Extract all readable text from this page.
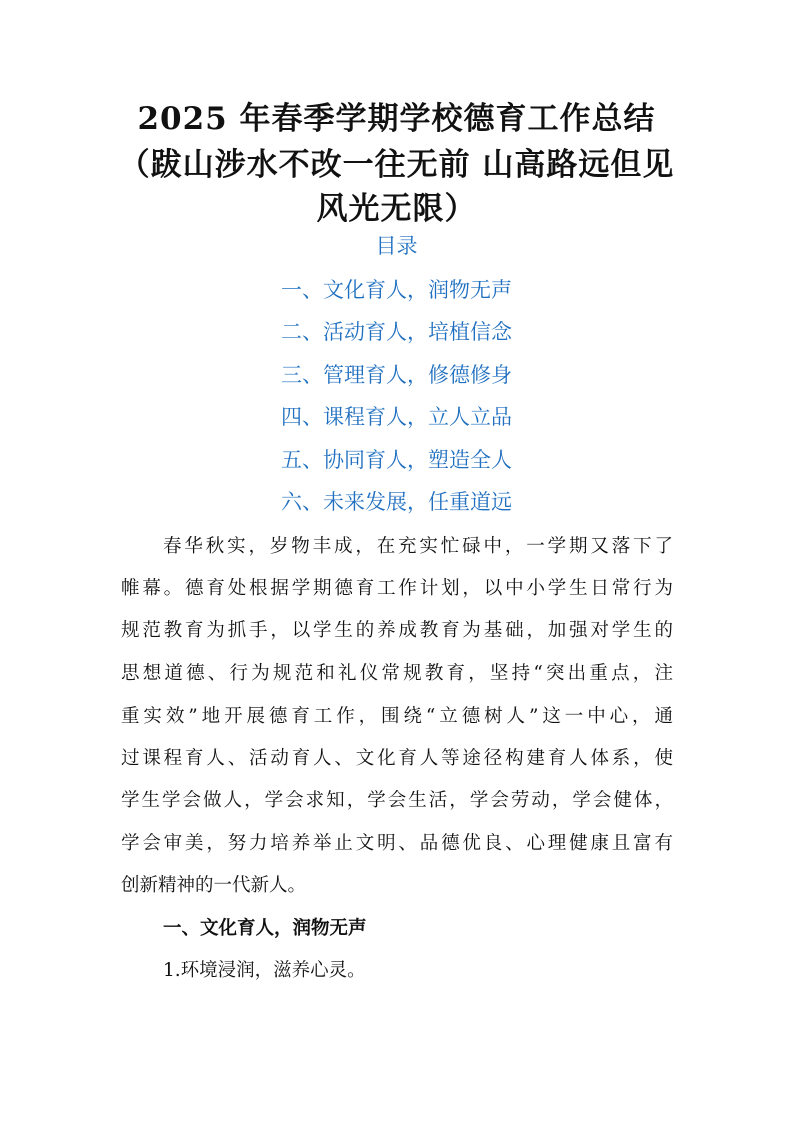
2025 年春季学期学校德育工作总结
（跋山涉水不改一往无前 山高路远但见
风光无限）
目录
一、文化育人，润物无声
二、活动育人，培植信念
三、管理育人，修德修身
四、课程育人，立人立品
五、协同育人，塑造全人
六、未来发展，任重道远
春华秋实，岁物丰成，在充实忙碌中，一学期又落下了
帷幕。德育处根据学期德育工作计划，以中小学生日常行为
规范教育为抓手，以学生的养成教育为基础，加强对学生的
思想道德、行为规范和礼仪常规教育，坚持“突出重点，注
重实效”地开展德育工作，围绕“立德树人”这一中心，通
过课程育人、活动育人、文化育人等途径构建育人体系，使
学生学会做人，学会求知，学会生活，学会劳动，学会健体，
学会审美，努力培养举止文明、品德优良、心理健康且富有
创新精神的一代新人。
一、文化育人，润物无声
1.环境浸润，滋养心灵。
